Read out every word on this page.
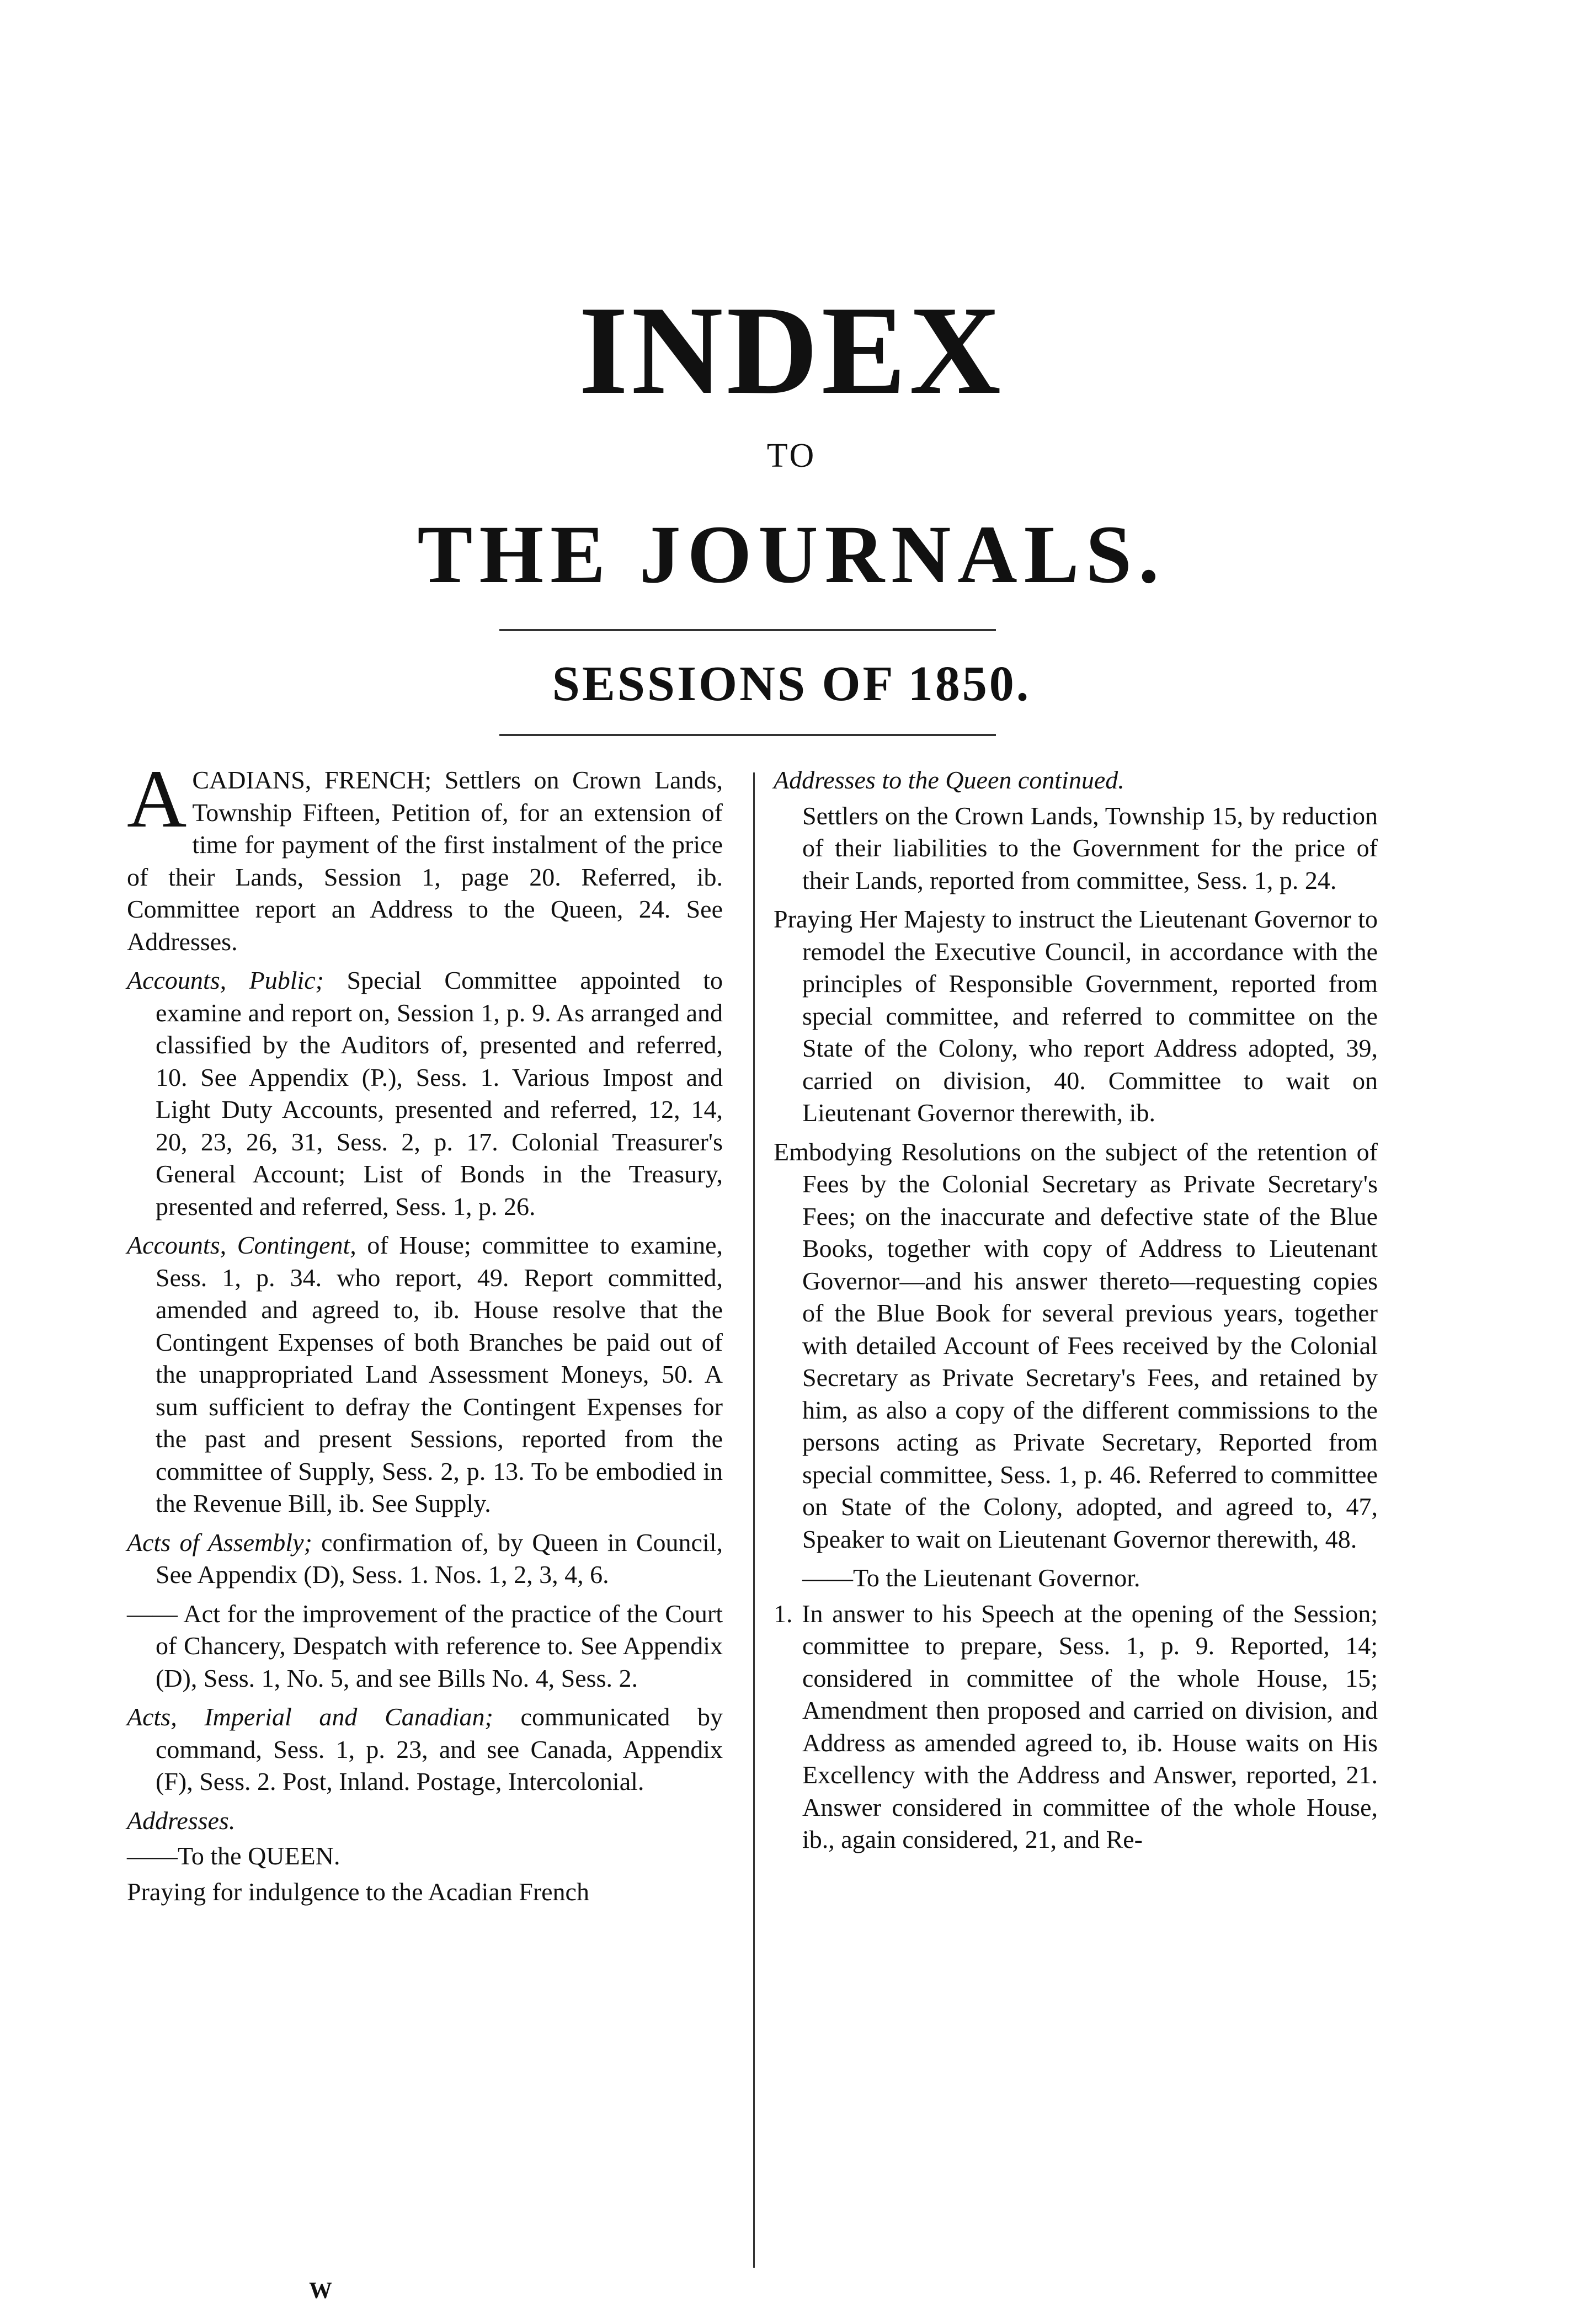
INDEX
TO
THE JOURNALS.
SESSIONS OF 1850.

ACADIANS, FRENCH; Settlers on Crown Lands, Township Fifteen, Petition of, for an extension of time for payment of the first instalment of the price of their Lands, Session 1, page 20. Referred, ib. Committee report an Address to the Queen, 24. See Addresses.

Accounts, Public; Special Committee appointed to examine and report on, Session 1, p. 9. As arranged and classified by the Auditors of, presented and referred, 10. See Appendix (P.), Sess. 1. Various Impost and Light Duty Accounts, presented and referred, 12, 14, 20, 23, 26, 31, Sess. 2, p. 17. Colonial Treasurer's General Account; List of Bonds in the Treasury, presented and referred, Sess. 1, p. 26.

Accounts, Contingent, of House; committee to examine, Sess. 1, p. 34. who report, 49. Report committed, amended and agreed to, ib. House resolve that the Contingent Expenses of both Branches be paid out of the unappropriated Land Assessment Moneys, 50. A sum sufficient to defray the Contingent Expenses for the past and present Sessions, reported from the committee of Supply, Sess. 2, p. 13. To be embodied in the Revenue Bill, ib. See Supply.

Acts of Assembly; confirmation of, by Queen in Council, See Appendix (D), Sess. 1. Nos. 1, 2, 3, 4, 6.

—— Act for the improvement of the practice of the Court of Chancery, Despatch with reference to. See Appendix (D), Sess. 1, No. 5, and see Bills No. 4, Sess. 2.

Acts, Imperial and Canadian; communicated by command, Sess. 1, p. 23, and see Canada, Appendix (F), Sess. 2. Post, Inland. Postage, Intercolonial.

Addresses.

——To the QUEEN.

Praying for indulgence to the Acadian French

Addresses to the Queen continued.

Settlers on the Crown Lands, Township 15, by reduction of their liabilities to the Government for the price of their Lands, reported from committee, Sess. 1, p. 24.

Praying Her Majesty to instruct the Lieutenant Governor to remodel the Executive Council, in accordance with the principles of Responsible Government, reported from special committee, and referred to committee on the State of the Colony, who report Address adopted, 39, carried on division, 40. Committee to wait on Lieutenant Governor therewith, ib.

Embodying Resolutions on the subject of the retention of Fees by the Colonial Secretary as Private Secretary's Fees; on the inaccurate and defective state of the Blue Books, together with copy of Address to Lieutenant Governor—and his answer thereto—requesting copies of the Blue Book for several previous years, together with detailed Account of Fees received by the Colonial Secretary as Private Secretary's Fees, and retained by him, as also a copy of the different commissions to the persons acting as Private Secretary, Reported from special committee, Sess. 1, p. 46. Referred to committee on State of the Colony, adopted, and agreed to, 47, Speaker to wait on Lieutenant Governor therewith, 48.

——To the Lieutenant Governor.

1. In answer to his Speech at the opening of the Session; committee to prepare, Sess. 1, p. 9. Reported, 14; considered in committee of the whole House, 15; Amendment then proposed and carried on division, and Address as amended agreed to, ib. House waits on His Excellency with the Address and Answer, reported, 21. Answer considered in committee of the whole House, ib., again considered, 21, and Re-

W
